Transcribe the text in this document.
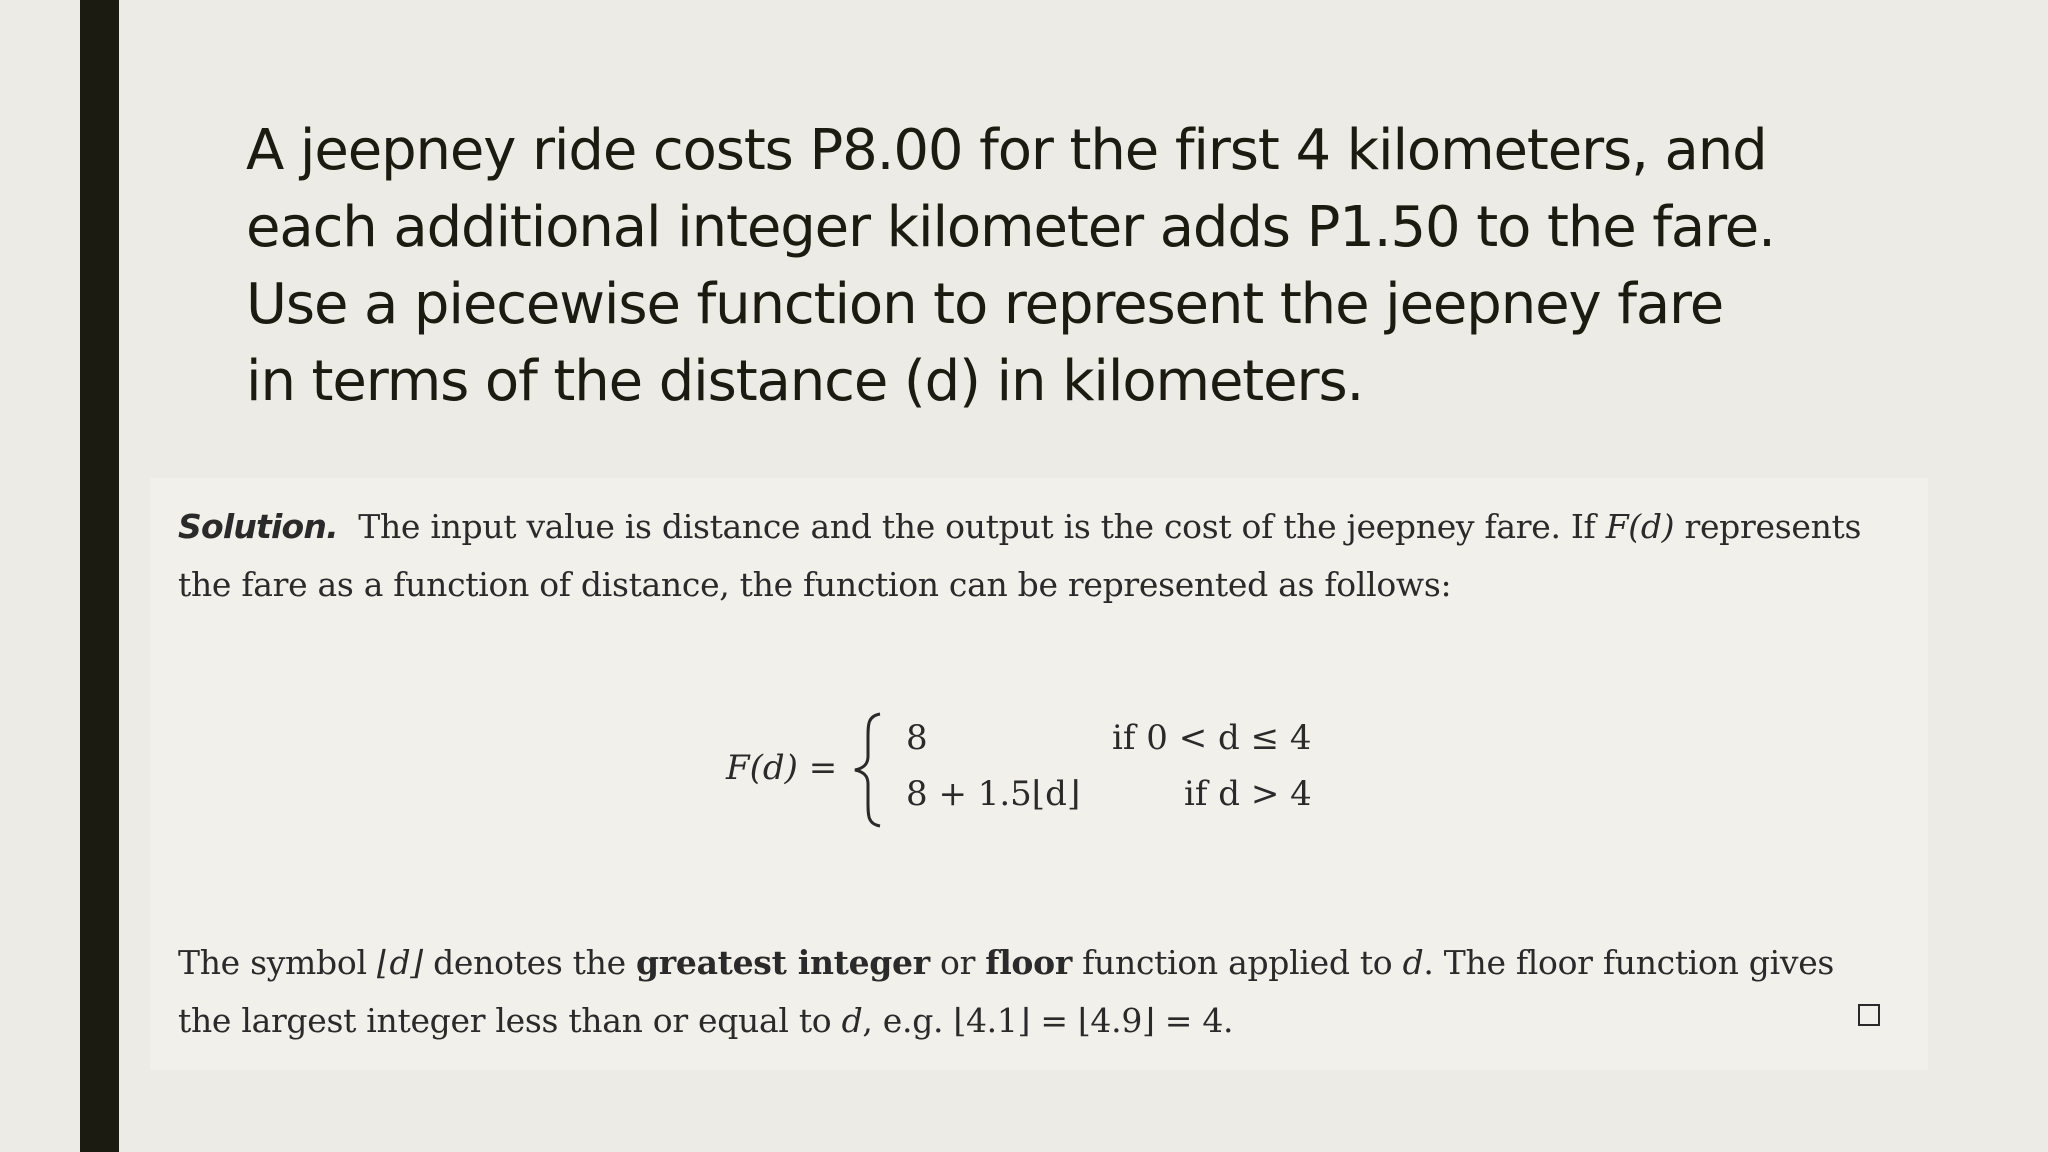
A jeepney ride costs P8.00 for the first 4 kilometers, and
each additional integer kilometer adds P1.50 to the fare.
Use a piecewise function to represent the jeepney fare
in terms of the distance (d) in kilometers.

Solution. The input value is distance and the output is the cost of the jeepney fare. If F(d) represents
the fare as a function of distance, the function can be represented as follows:

F(d) =
8	if 0 < d ≤ 4
8 + 1.5⌊d⌋	if d > 4

The symbol ⌊d⌋ denotes the greatest integer or floor function applied to d. The floor function gives
the largest integer less than or equal to d, e.g. ⌊4.1⌋ = ⌊4.9⌋ = 4.
